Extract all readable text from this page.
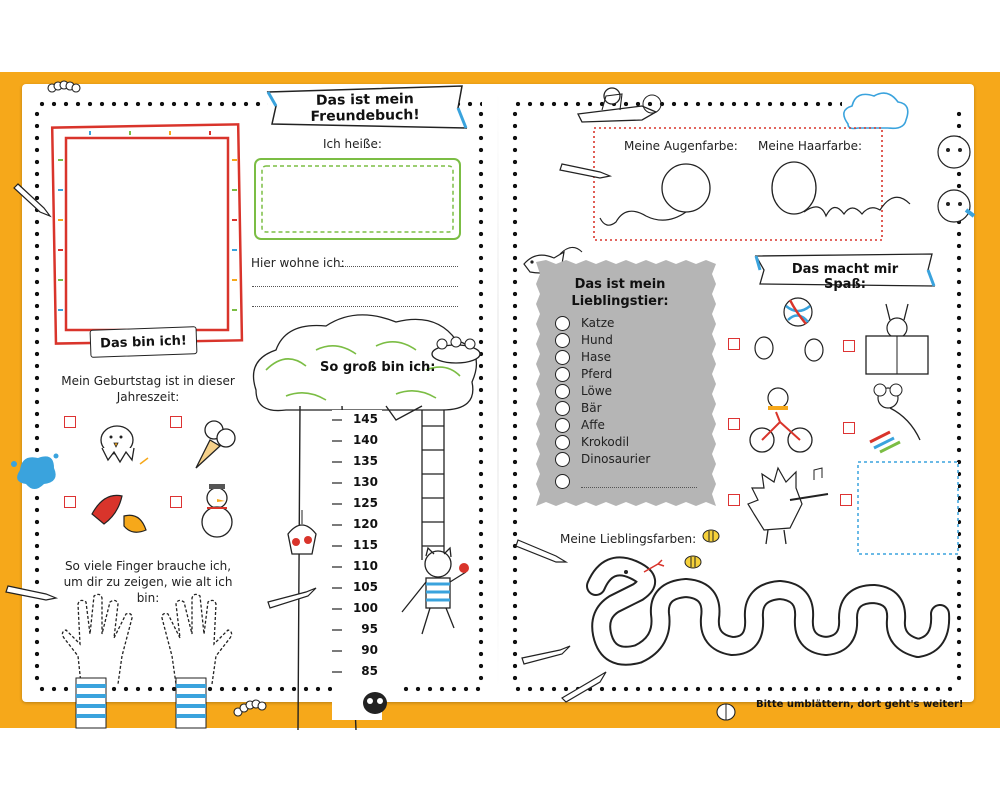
Das bin ich!
Das ist mein Freundebuch!
Ich heiße:
Hier wohne ich:
Mein Geburtstag ist in dieser
Jahreszeit:
So viele Finger brauche ich,
um dir zu zeigen, wie alt ich bin:
So groß bin ich:
145
140
135
130
125
120
115
110
105
100
95
90
85
Meine Augenfarbe: Meine Haarfarbe:
Das ist mein
Lieblingstier:
Katze
Hund
Hase
Pferd
Löwe
Bär
Affe
Krokodil
Dinosaurier
Das macht mir Spaß:
Meine Lieblingsfarben:
Bitte umblättern, dort geht's weiter!
